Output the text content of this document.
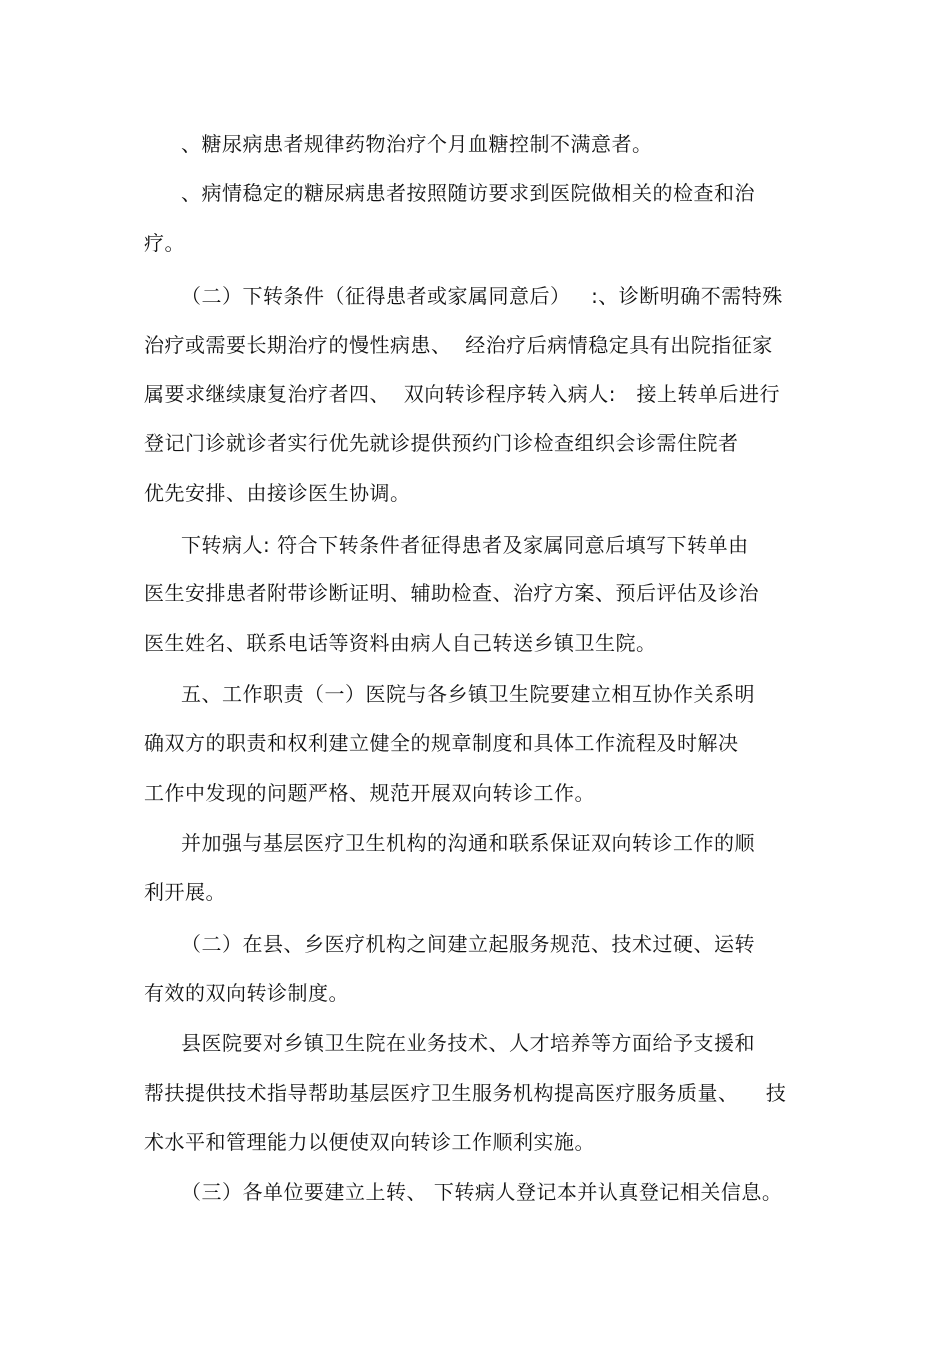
、糖尿病患者规律药物治疗个月血糖控制不满意者。
、病情稳定的糖尿病患者按照随访要求到医院做相关的检查和治
疗。
（二）下转条件（征得患者或家属同意后）   :、诊断明确不需特殊
治疗或需要长期治疗的慢性病患、  经治疗后病情稳定具有出院指征家
属要求继续康复治疗者四、  双向转诊程序转入病人:   接上转单后进行
登记门诊就诊者实行优先就诊提供预约门诊检查组织会诊需住院者
优先安排、由接诊医生协调。
下转病人: 符合下转条件者征得患者及家属同意后填写下转单由
医生安排患者附带诊断证明、辅助检查、治疗方案、预后评估及诊治
医生姓名、联系电话等资料由病人自己转送乡镇卫生院。
五、工作职责（一）医院与各乡镇卫生院要建立相互协作关系明
确双方的职责和权利建立健全的规章制度和具体工作流程及时解决
工作中发现的问题严格、规范开展双向转诊工作。
并加强与基层医疗卫生机构的沟通和联系保证双向转诊工作的顺
利开展。
（二）在县、乡医疗机构之间建立起服务规范、技术过硬、运转
有效的双向转诊制度。
县医院要对乡镇卫生院在业务技术、人才培养等方面给予支援和
帮扶提供技术指导帮助基层医疗卫生服务机构提高医疗服务质量、    技
术水平和管理能力以便使双向转诊工作顺利实施。
（三）各单位要建立上转、 下转病人登记本并认真登记相关信息。
